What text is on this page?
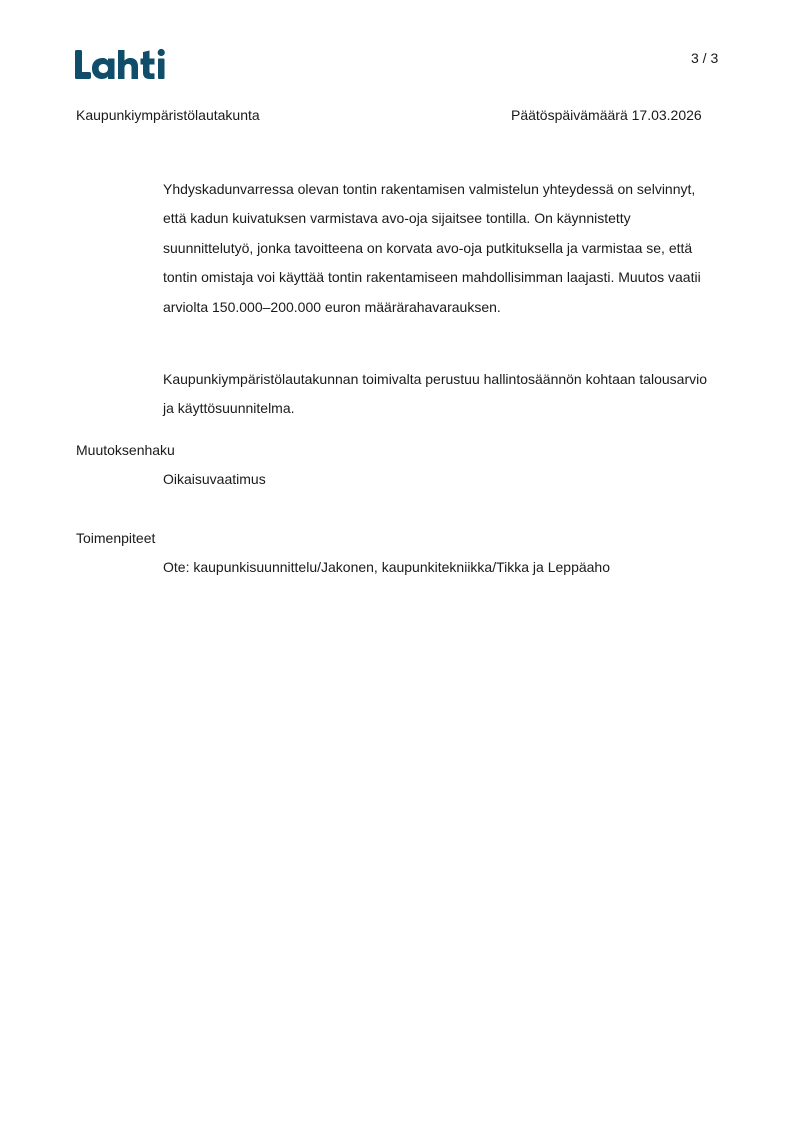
3 / 3
Kaupunkiympäristölautakunta	Päätöspäivämäärä 17.03.2026

Yhdyskadunvarressa olevan tontin rakentamisen valmistelun yhteydessä on selvinnyt, että kadun kuivatuksen varmistava avo-oja sijaitsee tontilla. On käynnistetty suunnittelutyö, jonka tavoitteena on korvata avo-oja putkituksella ja varmistaa se, että tontin omistaja voi käyttää tontin rakentamiseen mahdollisimman laajasti. Muutos vaatii arviolta 150.000–200.000 euron määrärahavarauksen.

Kaupunkiympäristölautakunnan toimivalta perustuu hallintosäännön kohtaan talousarvio ja käyttösuunnitelma.

Muutoksenhaku
Oikaisuvaatimus
Toimenpiteet
Ote: kaupunkisuunnittelu/Jakonen, kaupunkitekniikka/Tikka ja Leppäaho
